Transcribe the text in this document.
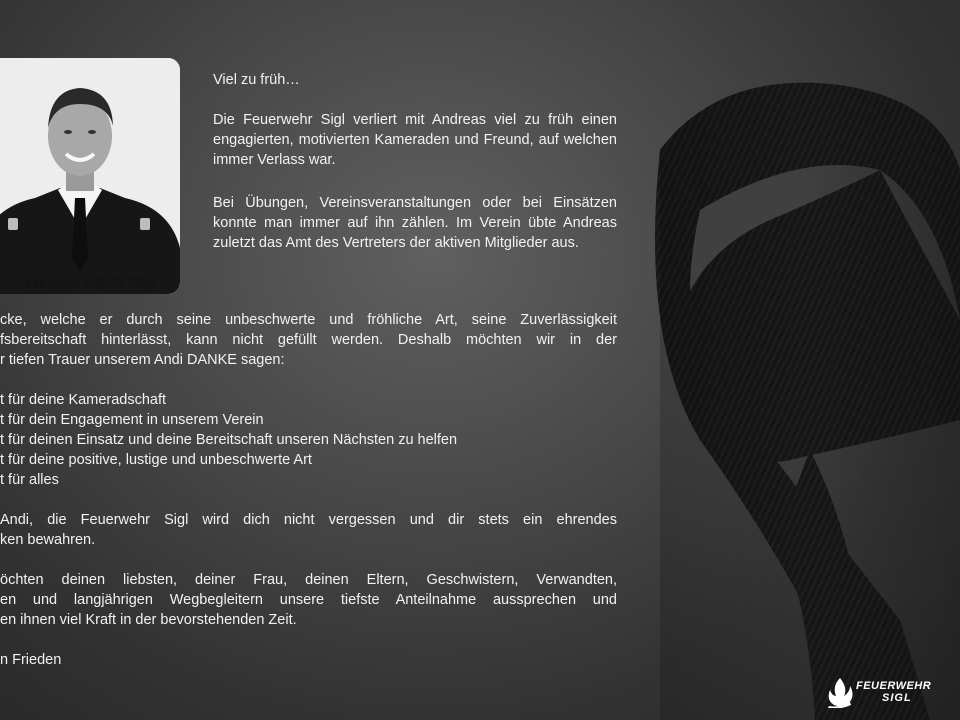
eas Merkl † 30.07.2024

Viel zu früh…

Die Feuerwehr Sigl verliert mit Andreas viel zu früh einen engagierten, motivierten Kameraden und Freund, auf welchen immer Verlass war.

Bei Übungen, Vereinsveranstaltungen oder bei Einsätzen konnte man immer auf ihn zählen. Im Verein übte Andreas zuletzt das Amt des Vertreters der aktiven Mitglieder aus.

cke, welche er durch seine unbeschwerte und fröhliche Art, seine Zuverlässigkeit
fsbereitschaft hinterlässt, kann nicht gefüllt werden. Deshalb möchten wir in der
r tiefen Trauer unserem Andi DANKE sagen:
t für deine Kameradschaft
t für dein Engagement in unserem Verein
t für deinen Einsatz und deine Bereitschaft unseren Nächsten zu helfen
t für deine positive, lustige und unbeschwerte Art
t für alles
Andi, die Feuerwehr Sigl wird dich nicht vergessen und dir stets ein ehrendes
ken bewahren.
öchten deinen liebsten, deiner Frau, deinen Eltern, Geschwistern, Verwandten,
en und langjährigen Wegbegleitern unsere tiefste Anteilnahme aussprechen und
en ihnen viel Kraft in der bevorstehenden Zeit.
n Frieden
FEUERWEHR
SIGL
